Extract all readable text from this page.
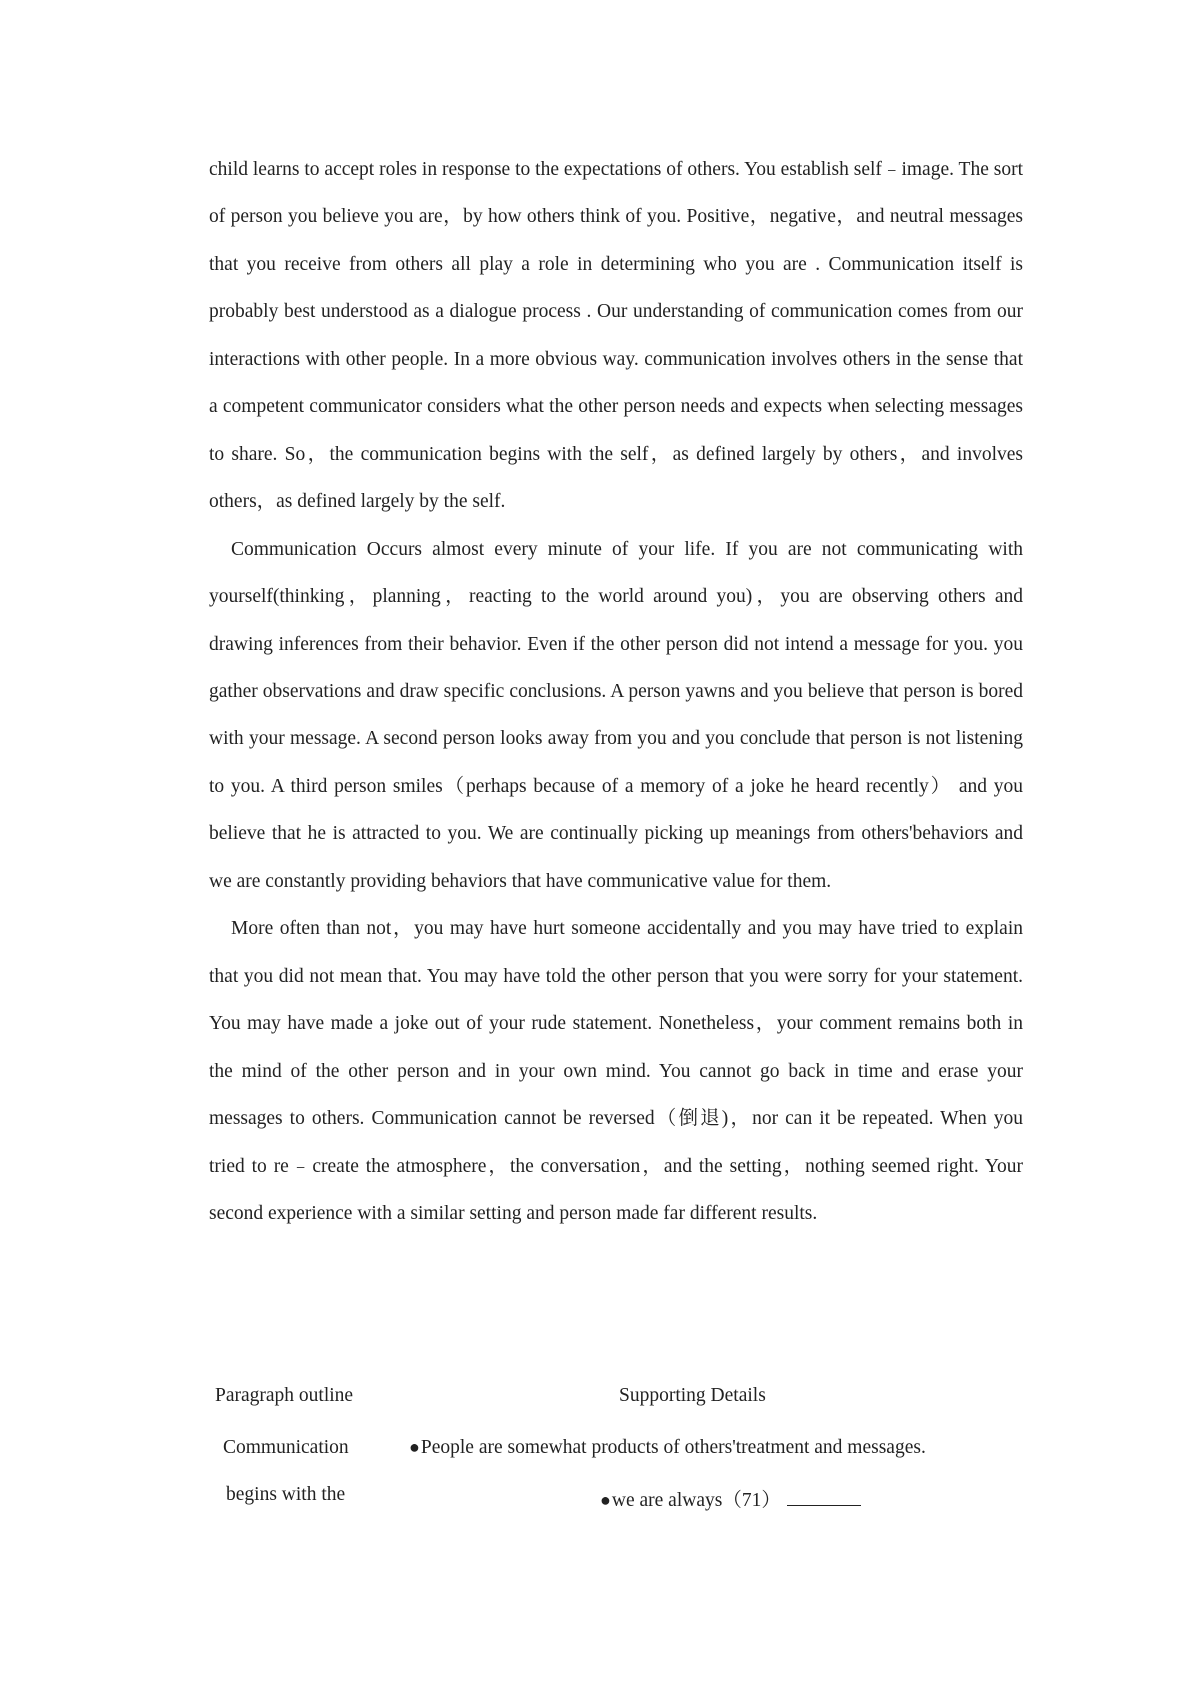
child learns to accept roles in response to the expectations of others. You establish self﹣image. The sort of person you believe you are，by how others think of you. Positive，negative，and neutral messages that you receive from others all play a role in determining who you are . Communication itself is probably best understood as a dialogue process . Our understanding of communication comes from our interactions with other people. In a more obvious way. communication involves others in the sense that a competent communicator considers what the other person needs and expects when selecting messages to share. So，the communication begins with the self，as defined largely by others，and involves others，as defined largely by the self.

Communication Occurs almost every minute of your life. If you are not communicating with yourself(thinking，planning，reacting to the world around you)，you are observing others and drawing inferences from their behavior. Even if the other person did not intend a message for you. you gather observations and draw specific conclusions. A person yawns and you believe that person is bored with your message. A second person looks away from you and you conclude that person is not listening to you. A third person smiles（perhaps because of a memory of a joke he heard recently） and you believe that he is attracted to you. We are continually picking up meanings from others'behaviors and we are constantly providing behaviors that have communicative value for them.

More often than not，you may have hurt someone accidentally and you may have tried to explain that you did not mean that. You may have told the other person that you were sorry for your statement. You may have made a joke out of your rude statement. Nonetheless，your comment remains both in the mind of the other person and in your own mind. You cannot go back in time and erase your messages to others. Communication cannot be reversed（倒退)，nor can it be repeated. When you tried to re﹣create the atmosphere，the conversation，and the setting，nothing seemed right. Your second experience with a similar setting and person made far different results.

Paragraph outline	Supporting Details
Communication	●People are somewhat products of others'treatment and messages.
begins with the	●we are always（71）
